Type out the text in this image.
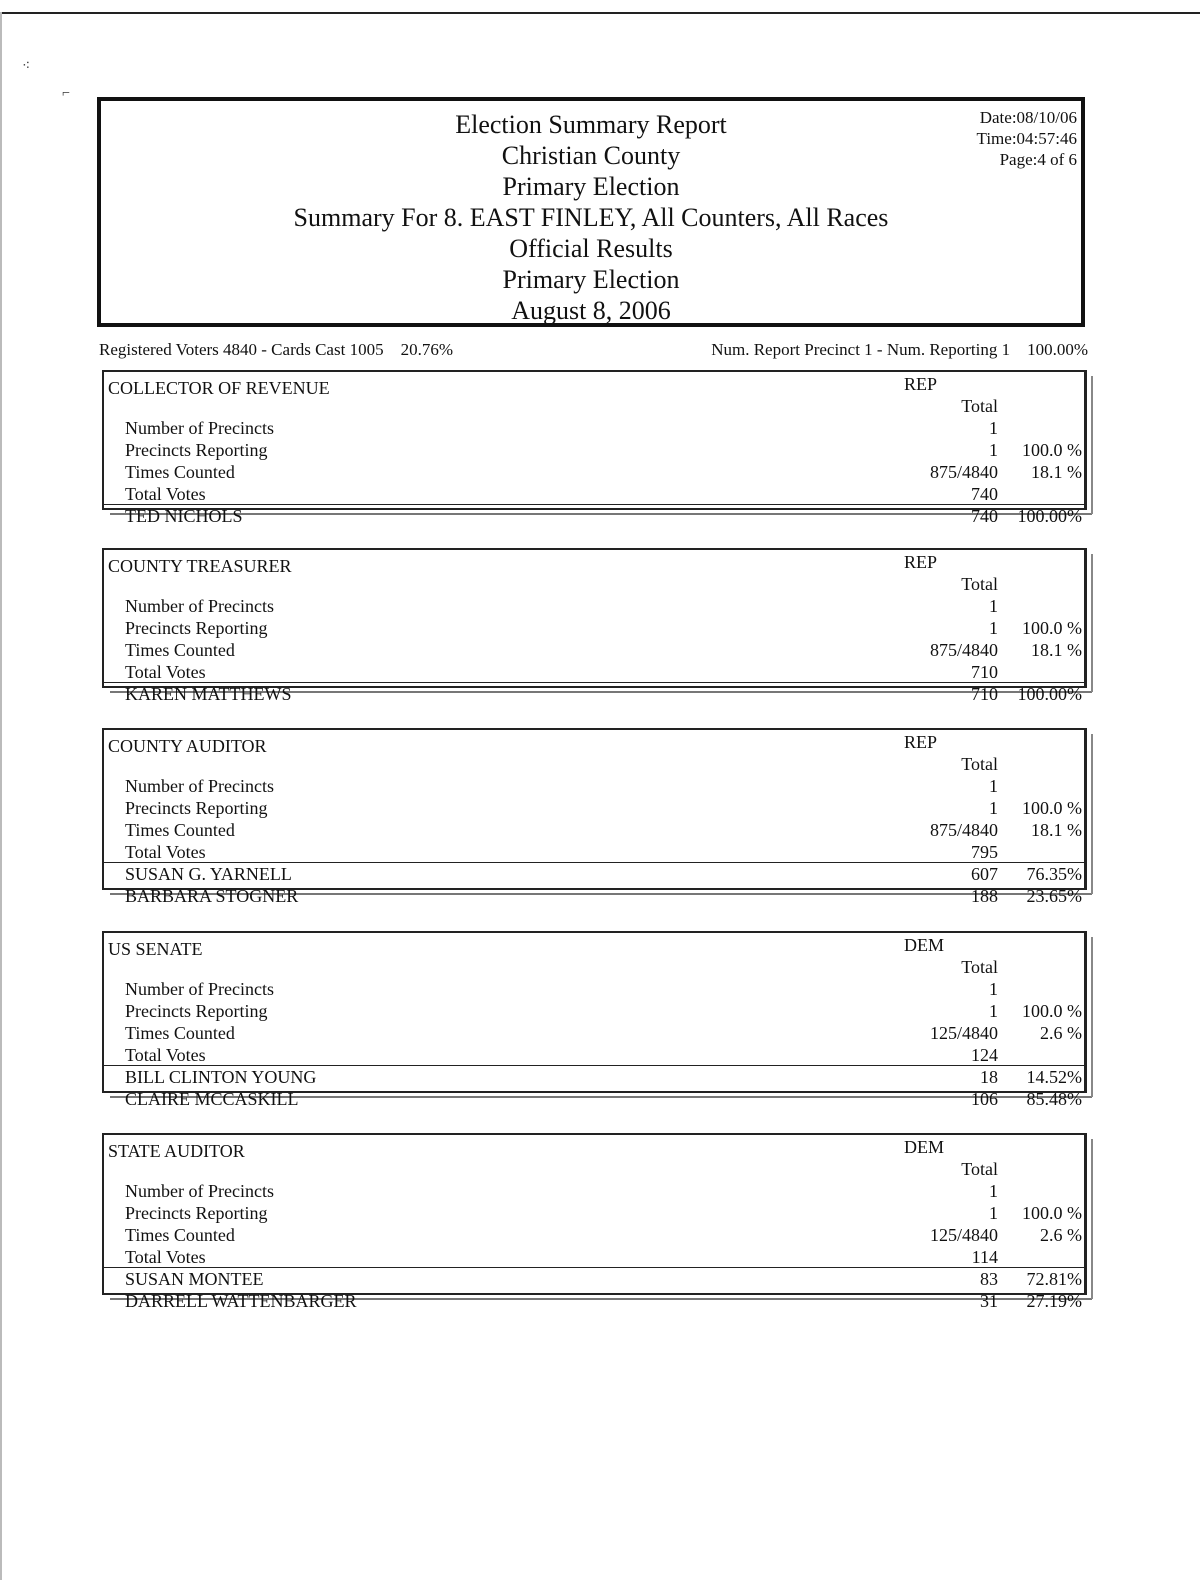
⁖
⌐
Election Summary Report
Christian County
Primary Election
Summary For 8. EAST FINLEY, All Counters, All Races
Official Results
Primary Election
August 8, 2006
Date:08/10/06
Time:04:57:46
Page:4 of 6
Registered Voters 4840 - Cards Cast 1005    20.76%	Num. Report Precinct 1 - Num. Reporting 1    100.00%
COLLECTOR OF REVENUE	REP
Total
Number of Precincts	1
Precincts Reporting	1 100.0 %
Times Counted	875/4840 18.1 %
Total Votes	740
TED NICHOLS	740 100.00%
COUNTY TREASURER	REP
Total
Number of Precincts	1
Precincts Reporting	1 100.0 %
Times Counted	875/4840 18.1 %
Total Votes	710
KAREN MATTHEWS	710 100.00%
COUNTY AUDITOR	REP
Total
Number of Precincts	1
Precincts Reporting	1 100.0 %
Times Counted	875/4840 18.1 %
Total Votes	795
SUSAN G. YARNELL	607 76.35%
BARBARA STOGNER	188 23.65%
US SENATE	DEM
Total
Number of Precincts	1
Precincts Reporting	1 100.0 %
Times Counted	125/4840 2.6 %
Total Votes	124
BILL CLINTON YOUNG	18 14.52%
CLAIRE MCCASKILL	106 85.48%
STATE AUDITOR	DEM
Total
Number of Precincts	1
Precincts Reporting	1 100.0 %
Times Counted	125/4840 2.6 %
Total Votes	114
SUSAN MONTEE	83 72.81%
DARRELL WATTENBARGER	31 27.19%
